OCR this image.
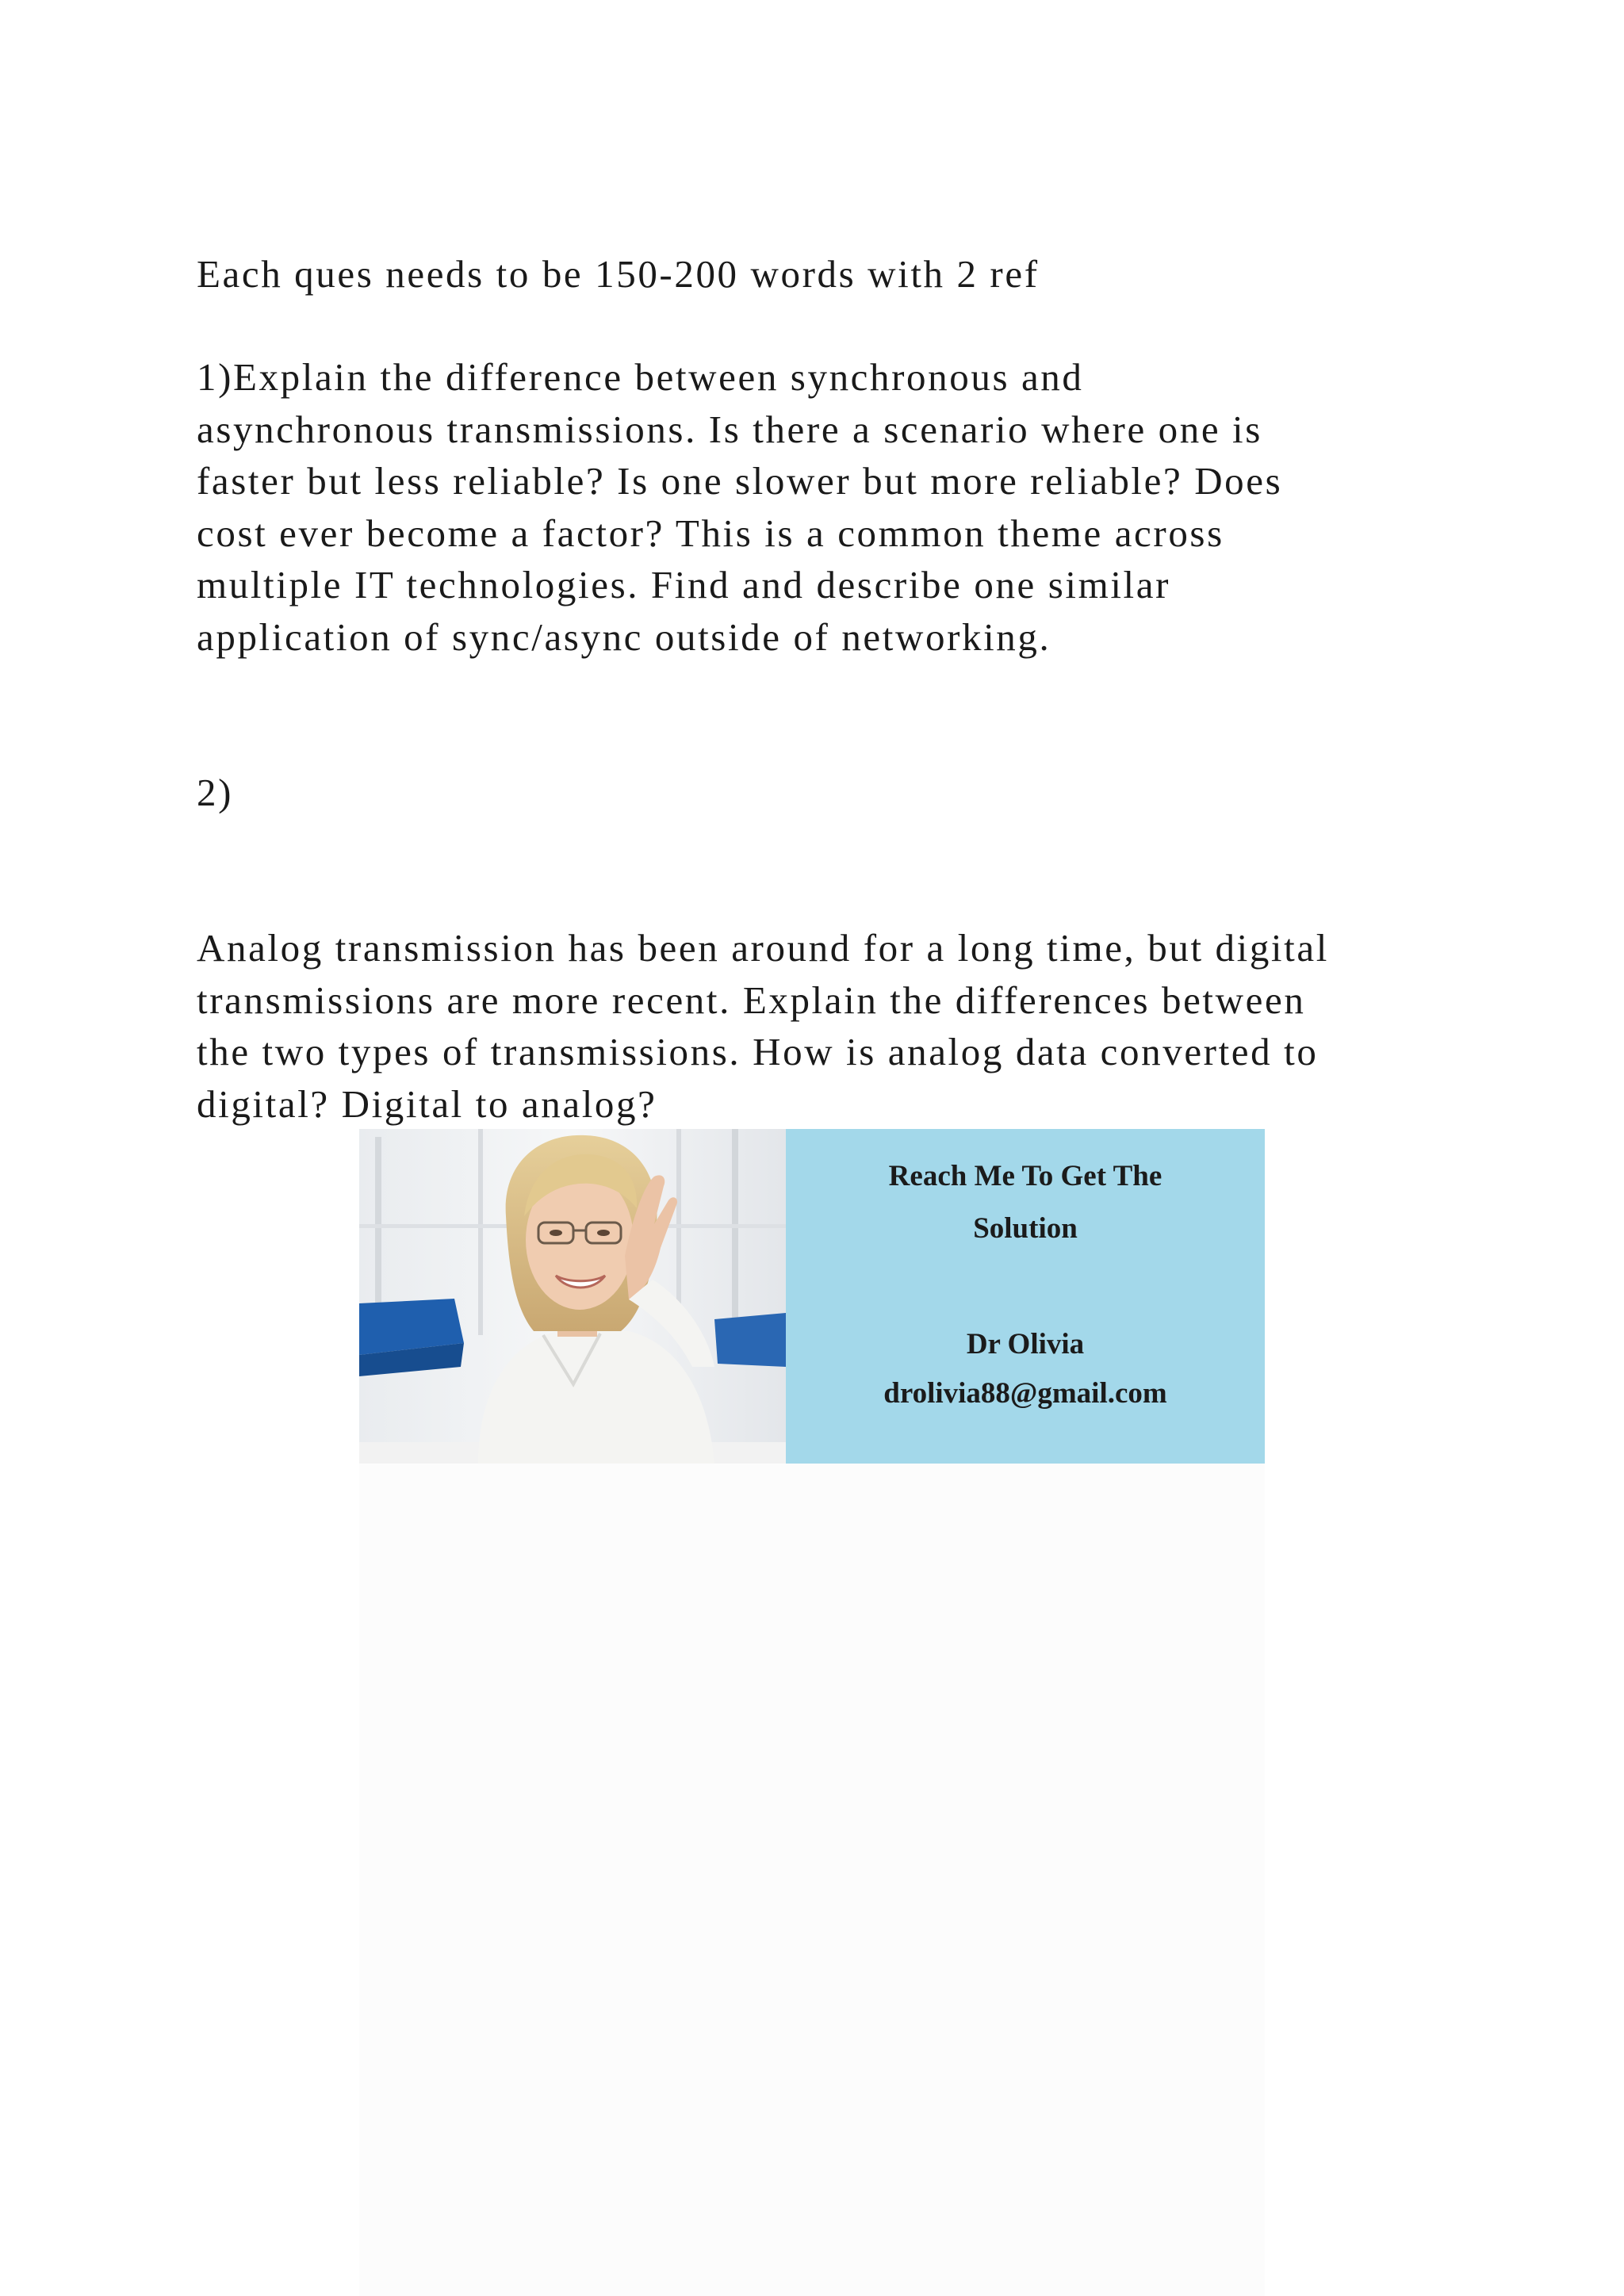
Each ques needs to be 150-200 words with 2 ref

1)Explain the difference between synchronous and
asynchronous transmissions. Is there a scenario where one is
faster but less reliable? Is one slower but more reliable? Does
cost ever become a factor? This is a common theme across
multiple IT technologies. Find and describe one similar
application of sync/async outside of networking.

2)

Analog transmission has been around for a long time, but digital
transmissions are more recent. Explain the differences between
the two types of transmissions. How is analog data converted to
digital? Digital to analog?

Reach Me To Get The
Solution
Dr Olivia
drolivia88@gmail.com
